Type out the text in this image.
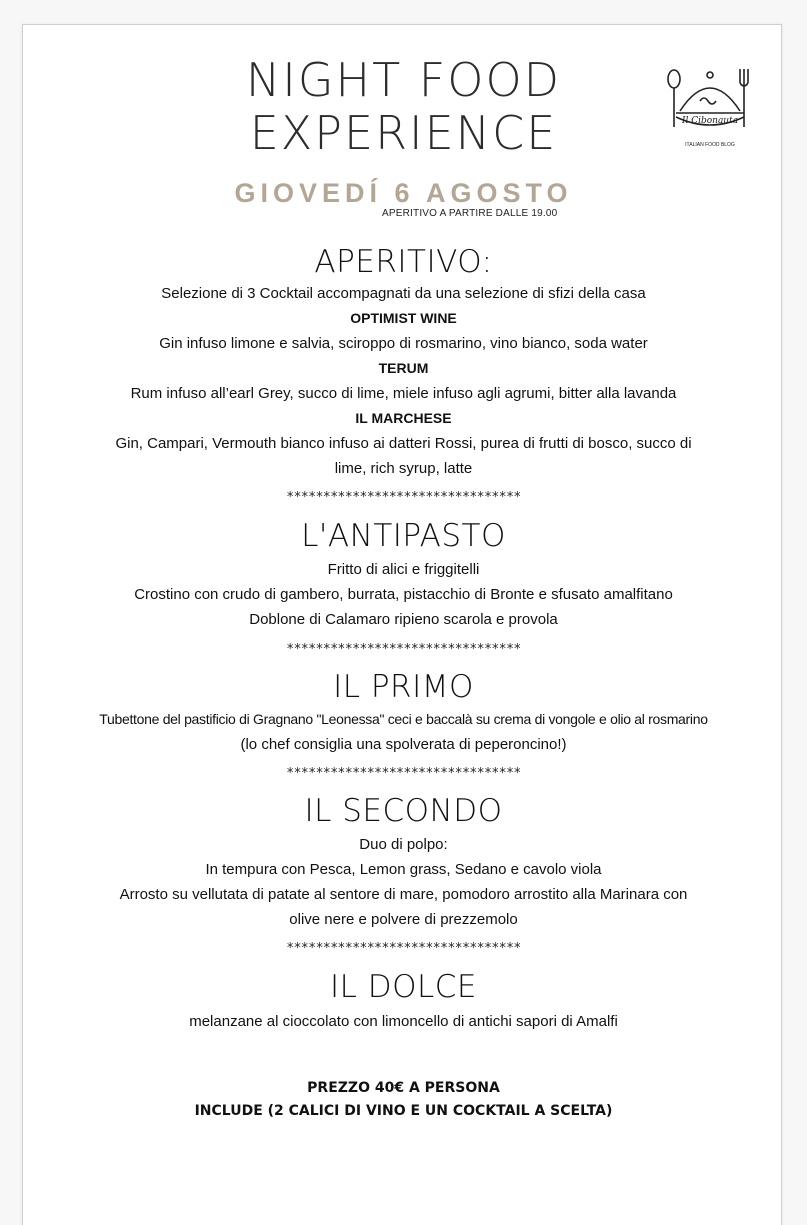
NIGHT FOOD
EXPERIENCE	Il Cibonauta
ITALIAN FOOD BLOG
GIOVEDÍ 6 AGOSTO
APERITIVO A PARTIRE DALLE 19.00
APERITIVO:
Selezione di 3 Cocktail accompagnati da una selezione di sfizi della casa
OPTIMIST WINE
Gin infuso limone e salvia, sciroppo di rosmarino, vino bianco, soda water
TERUM
Rum infuso all’earl Grey, succo di lime, miele infuso agli agrumi, bitter alla lavanda
IL MARCHESE
Gin, Campari, Vermouth bianco infuso ai datteri Rossi, purea di frutti di bosco, succo di
lime, rich syrup, latte
********************************
L'ANTIPASTO
Fritto di alici e friggitelli
Crostino con crudo di gambero, burrata, pistacchio di Bronte e sfusato amalfitano
Doblone di Calamaro ripieno scarola e provola
********************************
IL PRIMO
Tubettone del pastificio di Gragnano "Leonessa" ceci e baccalà su crema di vongole e olio al rosmarino
(lo chef consiglia una spolverata di peperoncino!)
********************************
IL SECONDO
Duo di polpo:
In tempura con Pesca, Lemon grass, Sedano e cavolo viola
Arrosto su vellutata di patate al sentore di mare, pomodoro arrostito alla Marinara con
olive nere e polvere di prezzemolo
********************************
IL DOLCE
melanzane al cioccolato con limoncello di antichi sapori di Amalfi
PREZZO 40€ A PERSONA
INCLUDE (2 CALICI DI VINO E UN COCKTAIL A SCELTA)
